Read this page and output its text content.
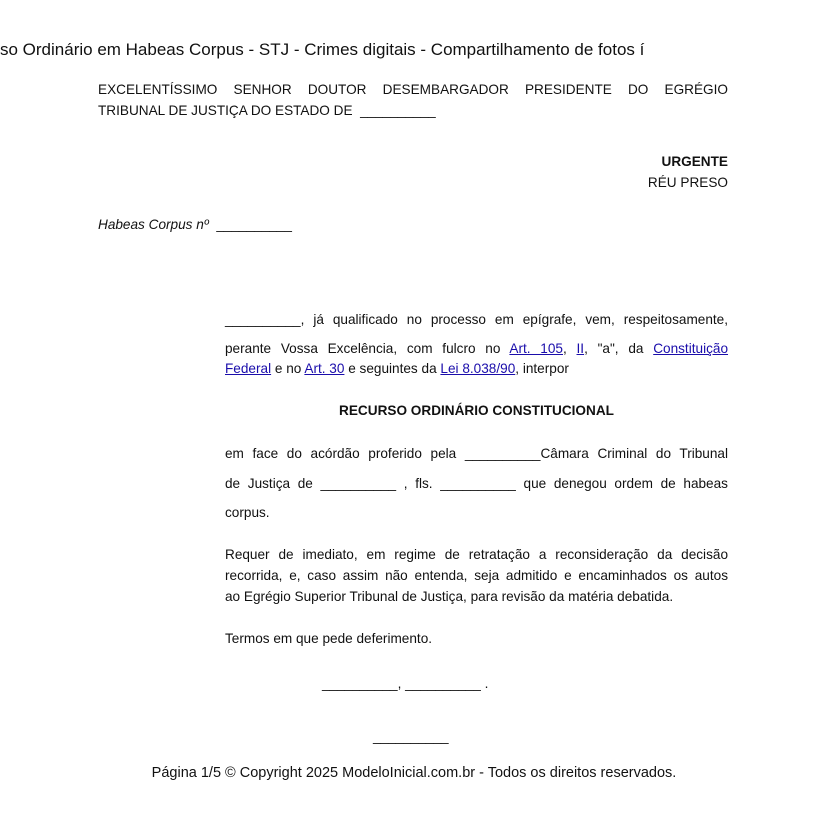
so Ordinário em Habeas Corpus - STJ - Crimes digitais - Compartilhamento de fotos í
EXCELENTÍSSIMO SENHOR DOUTOR DESEMBARGADOR PRESIDENTE DO EGRÉGIO
TRIBUNAL DE JUSTIÇA DO ESTADO DE __________
URGENTE
RÉU PRESO
Habeas Corpus nº __________
__________, já qualificado no processo em epígrafe, vem, respeitosamente,
perante Vossa Excelência, com fulcro no Art. 105, II, "a", da Constituição
Federal e no Art. 30 e seguintes da Lei 8.038/90, interpor
RECURSO ORDINÁRIO CONSTITUCIONAL
em face do acórdão proferido pela __________Câmara Criminal do Tribunal
de Justiça de __________ , fls. __________ que denegou ordem de habeas
corpus.
Requer de imediato, em regime de retratação a reconsideração da decisão
recorrida, e, caso assim não entenda, seja admitido e encaminhados os autos
ao Egrégio Superior Tribunal de Justiça, para revisão da matéria debatida.
Termos em que pede deferimento.
__________, __________ .
__________
Página 1/5 © Copyright 2025 ModeloInicial.com.br - Todos os direitos reservados.
